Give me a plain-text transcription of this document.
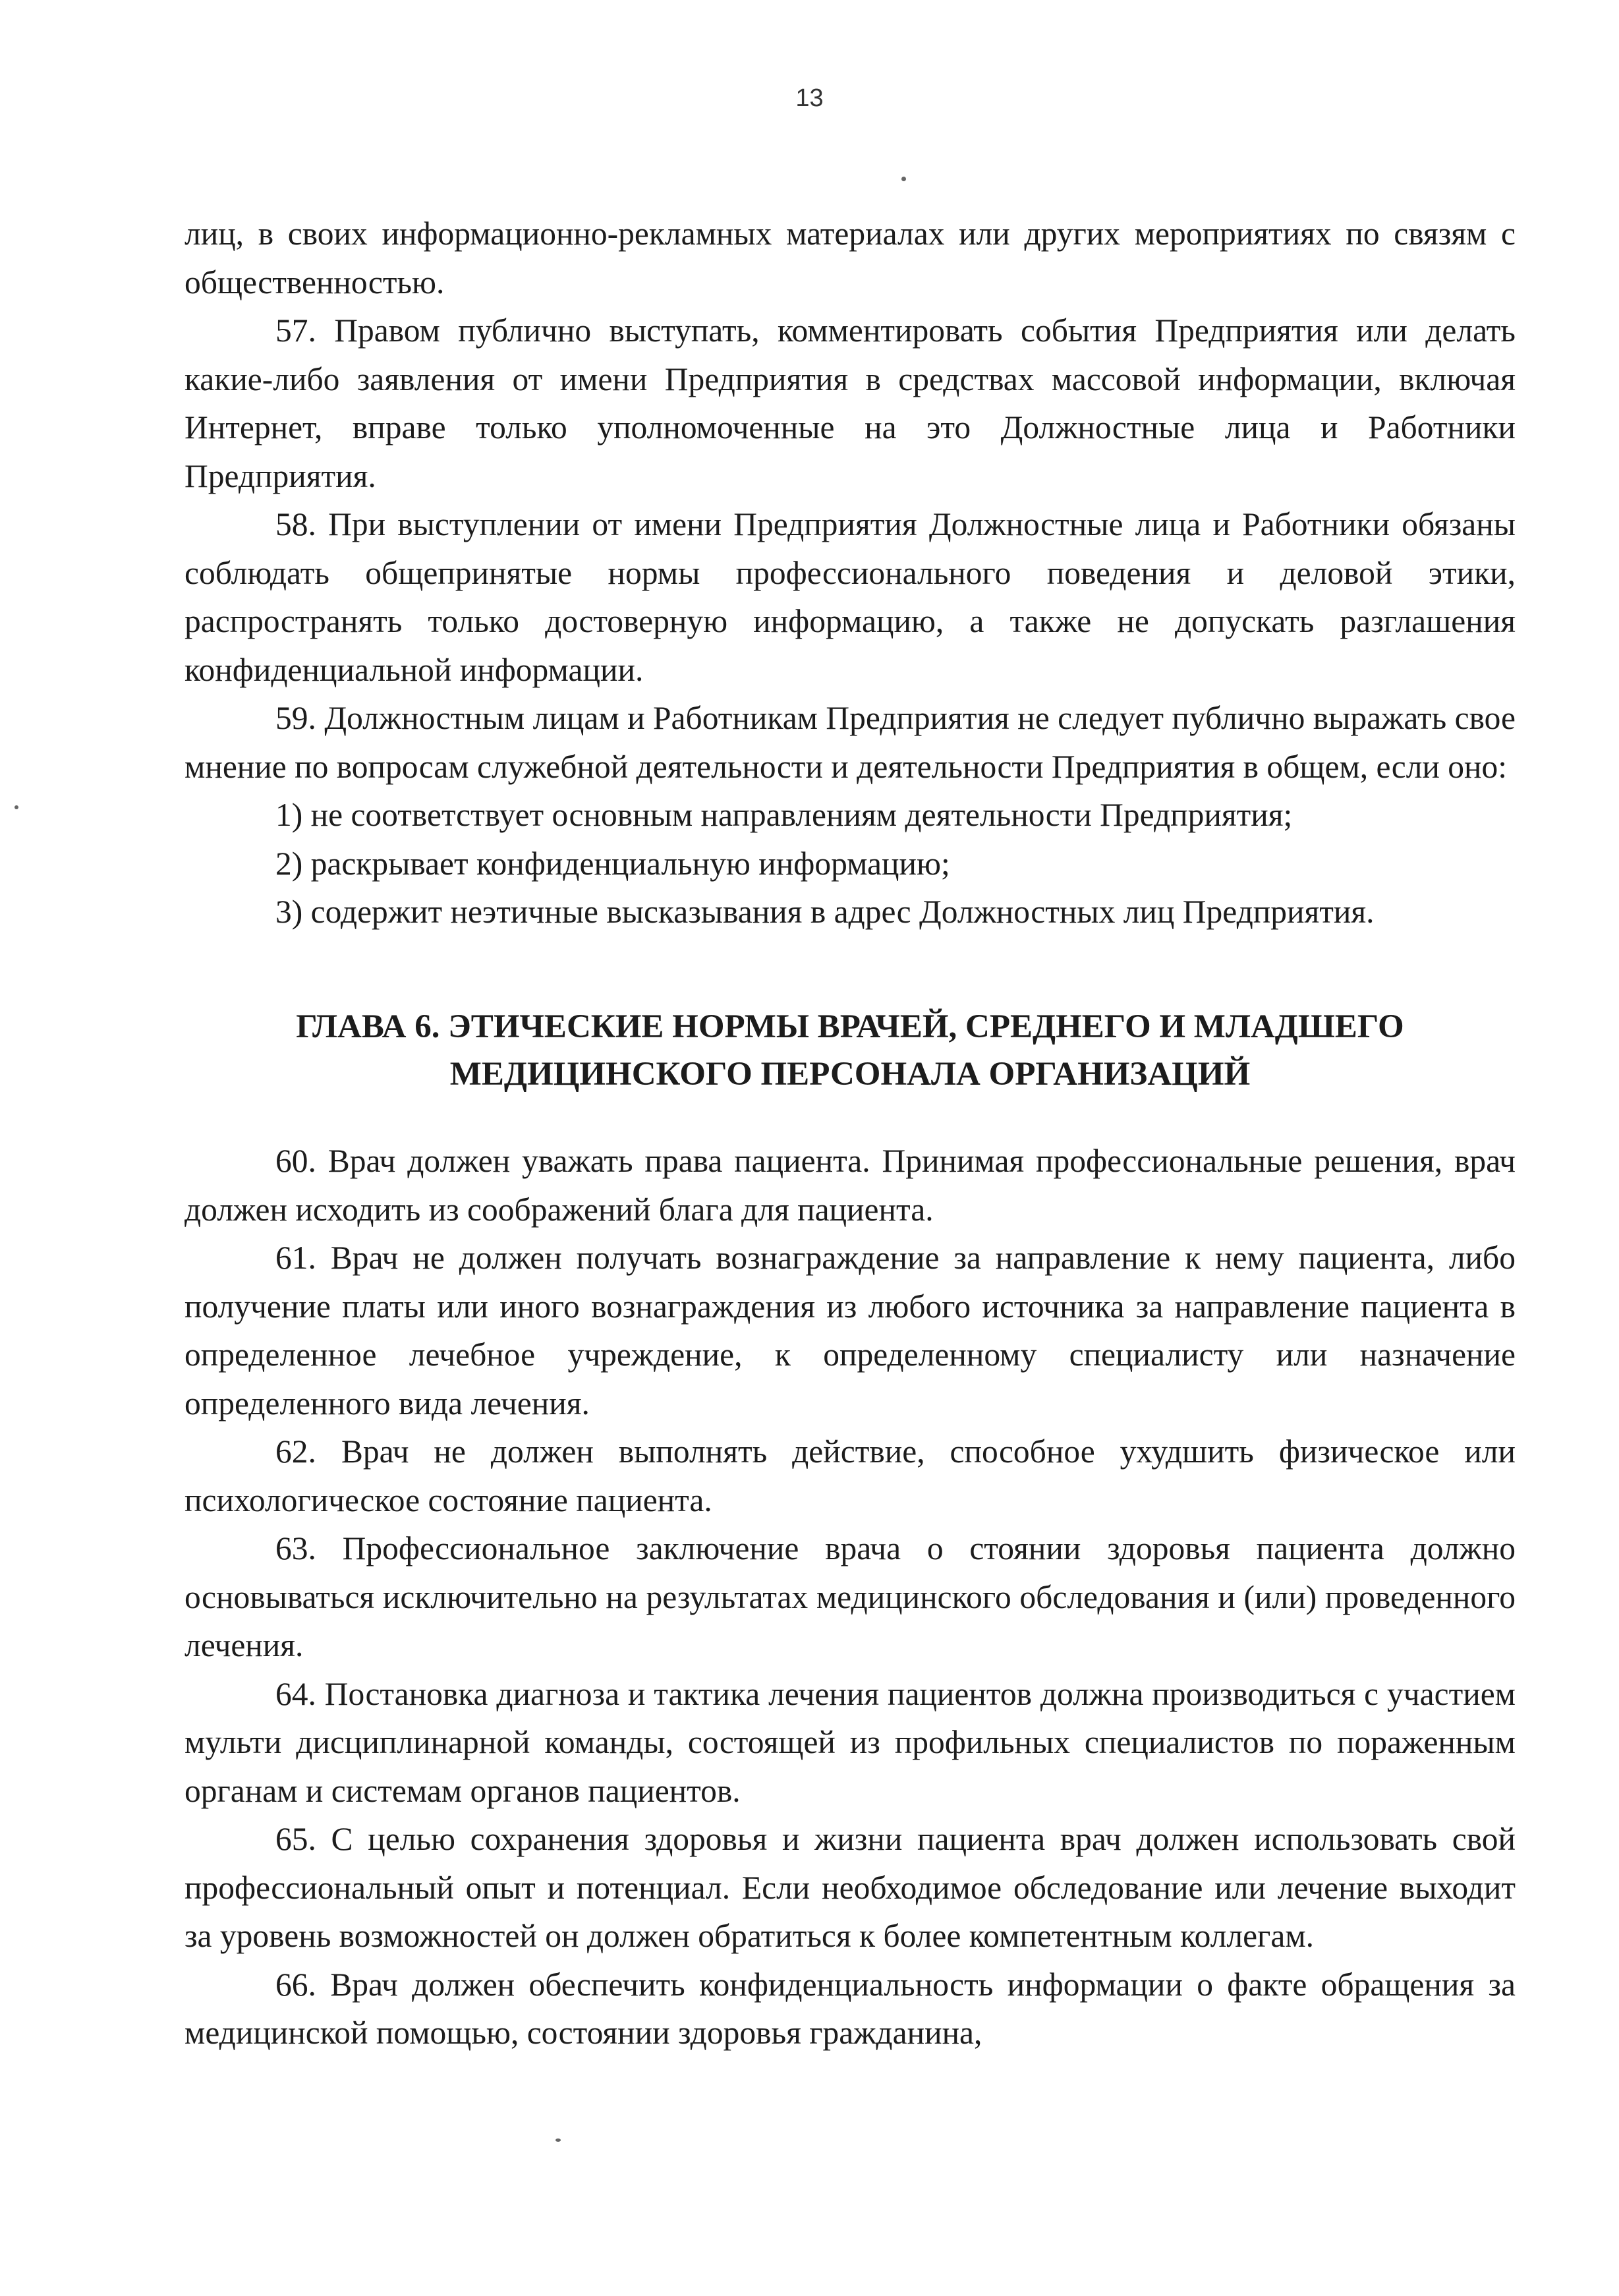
13

лиц, в своих информационно-рекламных материалах или других мероприятиях по связям с общественностью.

57. Правом публично выступать, комментировать события Предприятия или делать какие-либо заявления от имени Предприятия в средствах массовой информации, включая Интернет, вправе только уполномоченные на это Должностные лица и Работники Предприятия.

58. При выступлении от имени Предприятия Должностные лица и Работники обязаны соблюдать общепринятые нормы профессионального поведения и деловой этики, распространять только достоверную информацию, а также не допускать разглашения конфиденциальной информации.

59. Должностным лицам и Работникам Предприятия не следует публично выражать свое мнение по вопросам служебной деятельности и деятельности Предприятия в общем, если оно:

1) не соответствует основным направлениям деятельности Предприятия;

2) раскрывает конфиденциальную информацию;

3) содержит неэтичные высказывания в адрес Должностных лиц Предприятия.

ГЛАВА 6. ЭТИЧЕСКИЕ НОРМЫ ВРАЧЕЙ, СРЕДНЕГО И МЛАДШЕГО

МЕДИЦИНСКОГО ПЕРСОНАЛА ОРГАНИЗАЦИЙ

60. Врач должен уважать права пациента. Принимая профессиональные решения, врач должен исходить из соображений блага для пациента.

61. Врач не должен получать вознаграждение за направление к нему пациента, либо получение платы или иного вознаграждения из любого источника за направление пациента в определенное лечебное учреждение, к определенному специалисту или назначение определенного вида лечения.

62. Врач не должен выполнять действие, способное ухудшить физическое или психологическое состояние пациента.

63. Профессиональное заключение врача о стоянии здоровья пациента должно основываться исключительно на результатах медицинского обследования и (или) проведенного лечения.

64. Постановка диагноза и тактика лечения пациентов должна производиться с участием мульти дисциплинарной команды, состоящей из профильных специалистов по пораженным органам и системам органов пациентов.

65. С целью сохранения здоровья и жизни пациента врач должен использовать свой профессиональный опыт и потенциал. Если необходимое обследование или лечение выходит за уровень возможностей он должен обратиться к более компетентным коллегам.

66. Врач должен обеспечить конфиденциальность информации о факте обращения за медицинской помощью, состоянии здоровья гражданина,
